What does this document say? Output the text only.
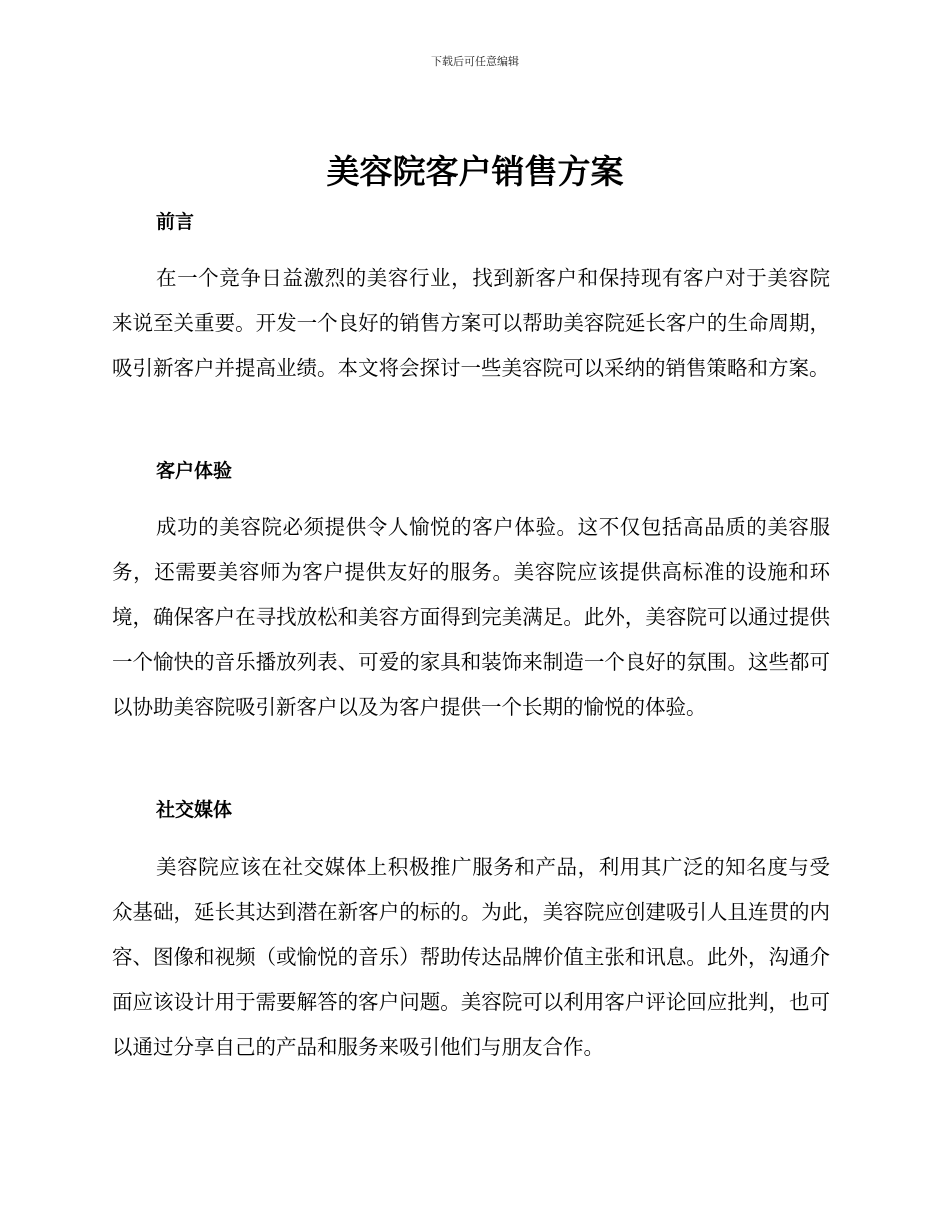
下载后可任意编辑
美容院客户销售方案
前言

在一个竞争日益激烈的美容行业，找到新客户和保持现有客户对于美容院来说至关重要。开发一个良好的销售方案可以帮助美容院延长客户的生命周期，吸引新客户并提高业绩。本文将会探讨一些美容院可以采纳的销售策略和方案。

客户体验

成功的美容院必须提供令人愉悦的客户体验。这不仅包括高品质的美容服务，还需要美容师为客户提供友好的服务。美容院应该提供高标准的设施和环境，确保客户在寻找放松和美容方面得到完美满足。此外，美容院可以通过提供一个愉快的音乐播放列表、可爱的家具和装饰来制造一个良好的氛围。这些都可以协助美容院吸引新客户以及为客户提供一个长期的愉悦的体验。

社交媒体

美容院应该在社交媒体上积极推广服务和产品，利用其广泛的知名度与受众基础，延长其达到潜在新客户的标的。为此，美容院应创建吸引人且连贯的内容、图像和视频（或愉悦的音乐）帮助传达品牌价值主张和讯息。此外，沟通介面应该设计用于需要解答的客户问题。美容院可以利用客户评论回应批判，也可以通过分享自己的产品和服务来吸引他们与朋友合作。
